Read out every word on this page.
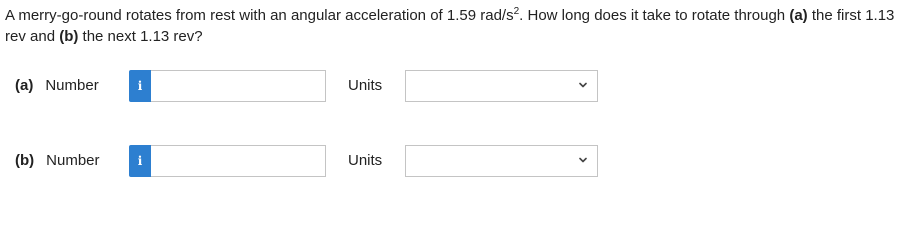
A merry-go-round rotates from rest with an angular acceleration of 1.59 rad/$s^2$. How long does it take to rotate through (a) the first 1.13 rev and (b) the next 1.13 rev?

(a) Number	i	Units
(b) Number	i	Units
